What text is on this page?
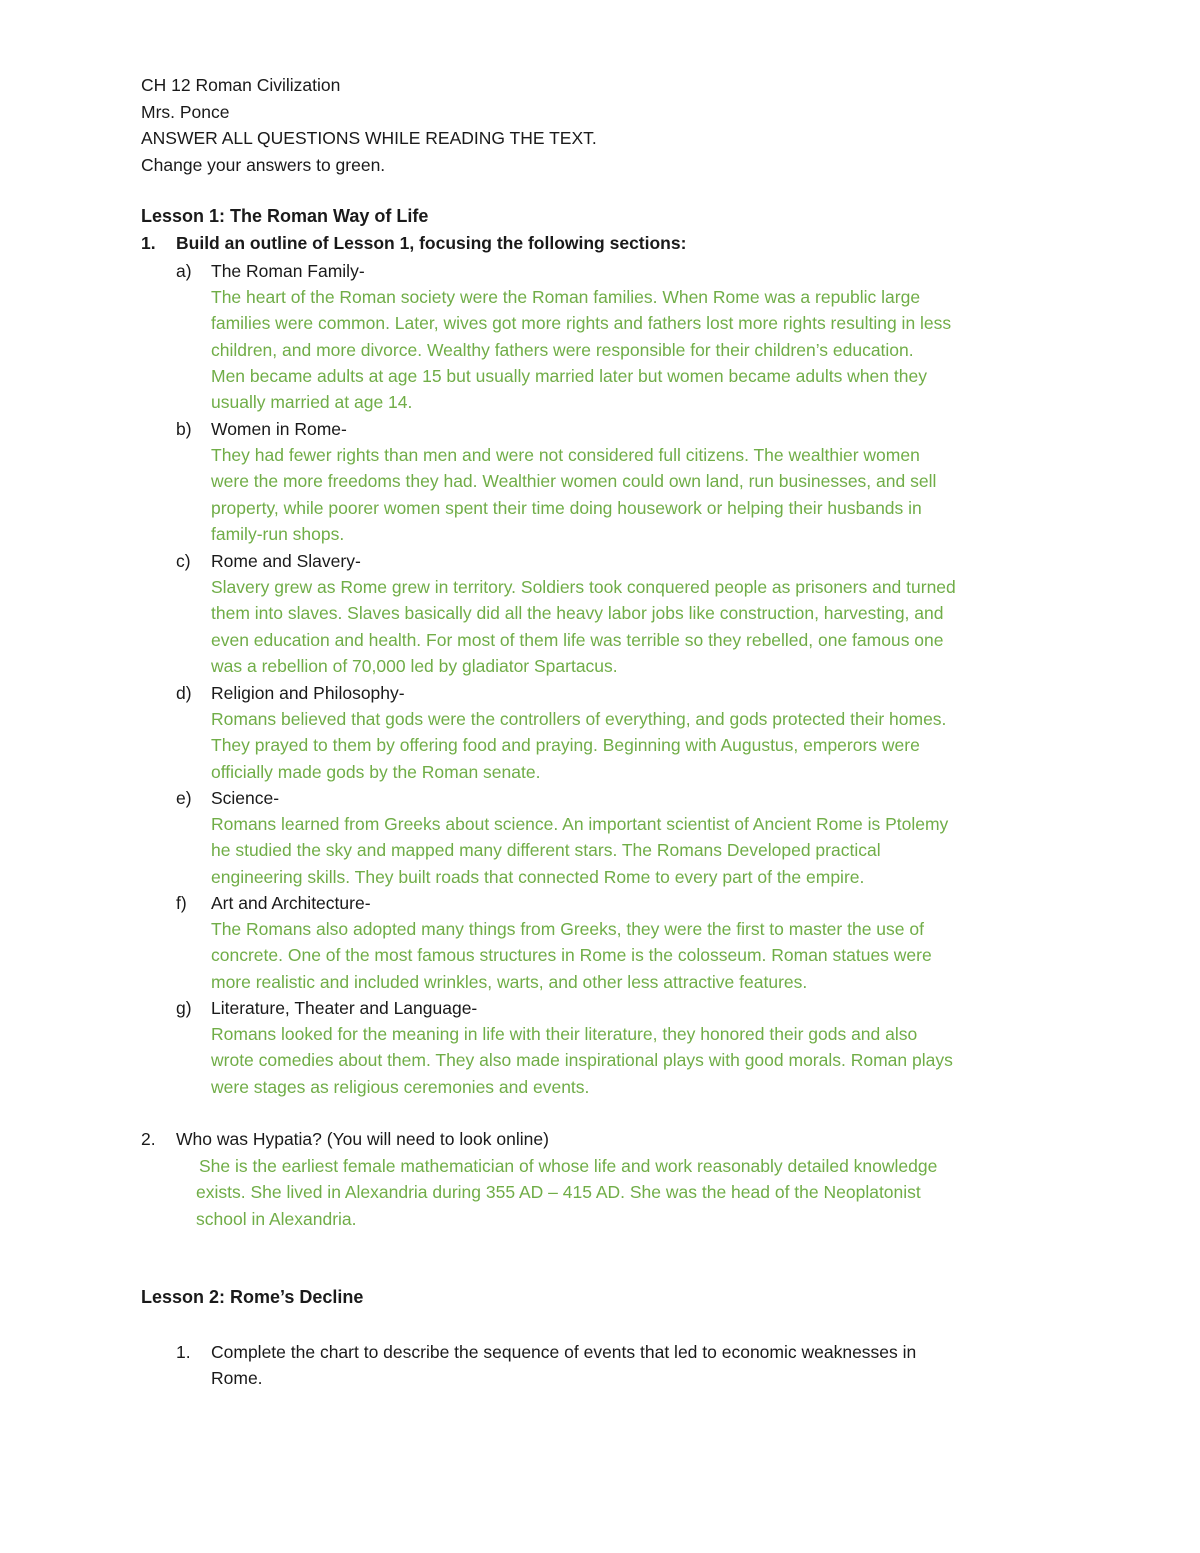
CH 12 Roman Civilization
Mrs. Ponce
ANSWER ALL QUESTIONS WHILE READING THE TEXT.
Change your answers to green.
Lesson 1: The Roman Way of Life
1. Build an outline of Lesson 1, focusing the following sections:
a) The Roman Family-
The heart of the Roman society were the Roman families. When Rome was a republic large
families were common. Later, wives got more rights and fathers lost more rights resulting in less
children, and more divorce. Wealthy fathers were responsible for their children’s education.
Men became adults at age 15 but usually married later but women became adults when they
usually married at age 14.
b) Women in Rome-
They had fewer rights than men and were not considered full citizens. The wealthier women
were the more freedoms they had. Wealthier women could own land, run businesses, and sell
property, while poorer women spent their time doing housework or helping their husbands in
family-run shops.
c) Rome and Slavery-
Slavery grew as Rome grew in territory. Soldiers took conquered people as prisoners and turned
them into slaves. Slaves basically did all the heavy labor jobs like construction, harvesting, and
even education and health. For most of them life was terrible so they rebelled, one famous one
was a rebellion of 70,000 led by gladiator Spartacus.
d) Religion and Philosophy-
Romans believed that gods were the controllers of everything, and gods protected their homes.
They prayed to them by offering food and praying. Beginning with Augustus, emperors were
officially made gods by the Roman senate.
e) Science-
Romans learned from Greeks about science. An important scientist of Ancient Rome is Ptolemy
he studied the sky and mapped many different stars. The Romans Developed practical
engineering skills. They built roads that connected Rome to every part of the empire.
f) Art and Architecture-
The Romans also adopted many things from Greeks, they were the first to master the use of
concrete. One of the most famous structures in Rome is the colosseum. Roman statues were
more realistic and included wrinkles, warts, and other less attractive features.
g) Literature, Theater and Language-
Romans looked for the meaning in life with their literature, they honored their gods and also
wrote comedies about them. They also made inspirational plays with good morals. Roman plays
were stages as religious ceremonies and events.
2. Who was Hypatia? (You will need to look online)
She is the earliest female mathematician of whose life and work reasonably detailed knowledge
exists. She lived in Alexandria during 355 AD – 415 AD. She was the head of the Neoplatonist
school in Alexandria.
Lesson 2: Rome’s Decline
1. Complete the chart to describe the sequence of events that led to economic weaknesses in
Rome.
